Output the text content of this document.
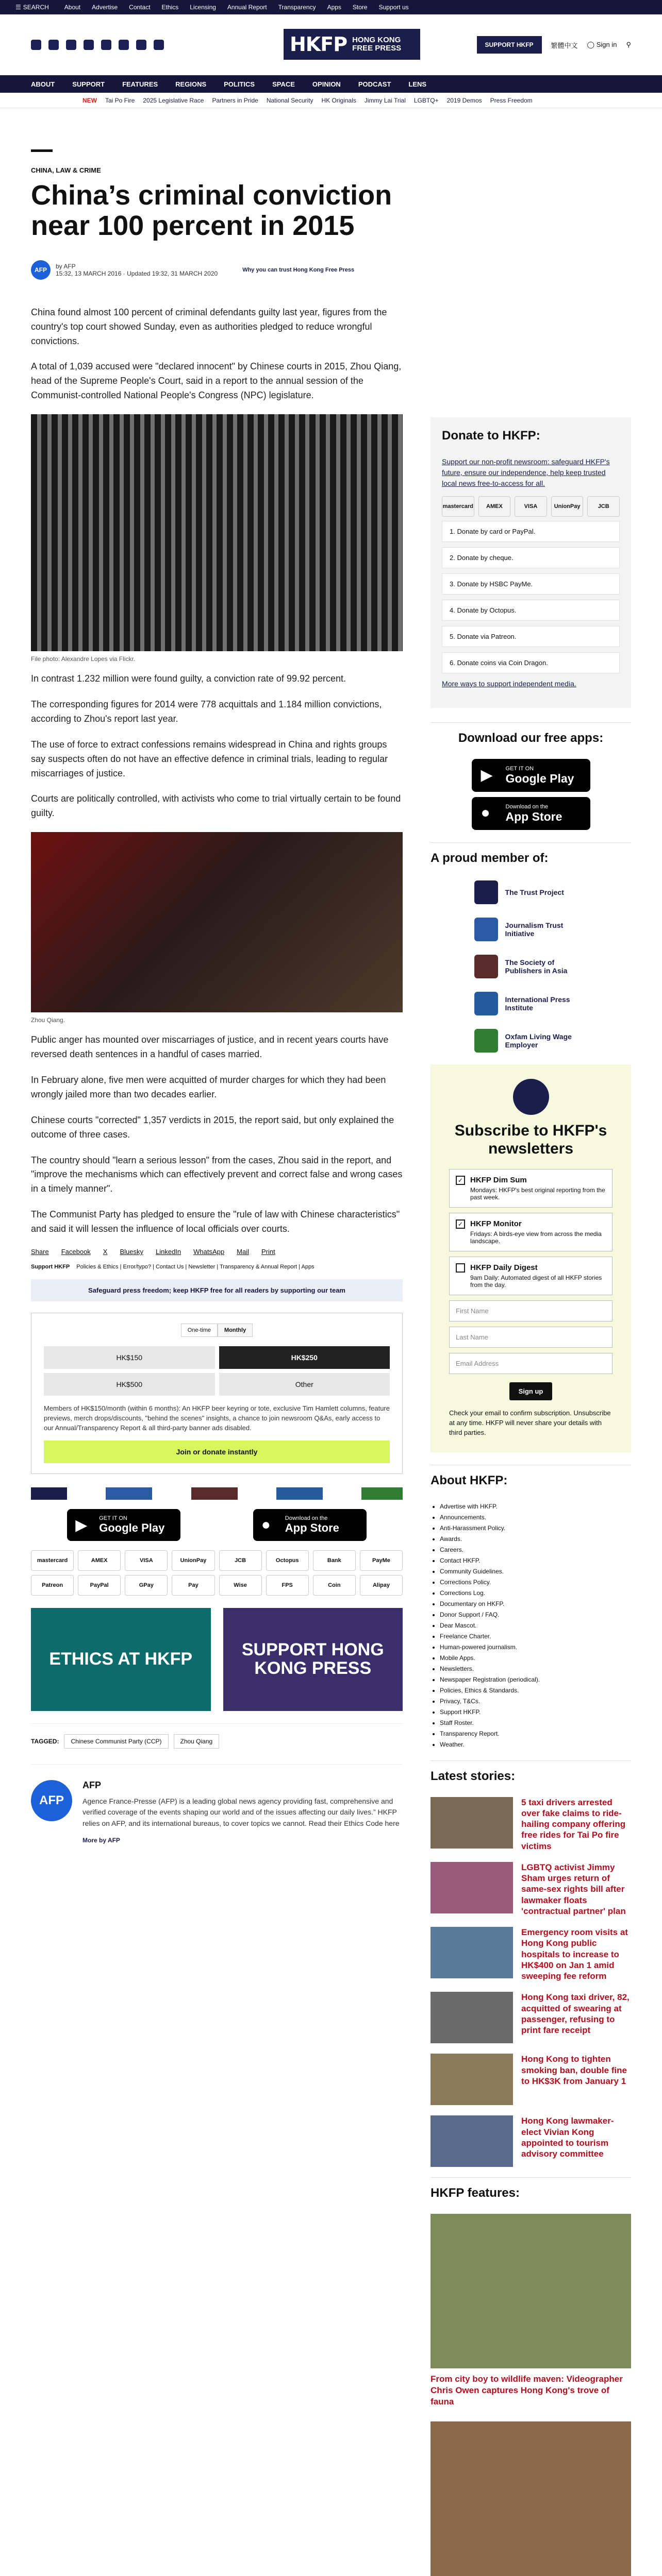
☰ SEARCH	About Advertise Contact Ethics Licensing Annual Report Transparency Apps Store Support us
HKFP HONG KONG FREE PRESS	SUPPORT HKFP	繁體中文 ◯ Sign in ⚲
ABOUT	SUPPORT	FEATURES	REGIONS	POLITICS	SPACE	OPINION	PODCAST	LENS
NEW Tai Po Fire 2025 Legislative Race Partners in Pride National Security HK Originals Jimmy Lai Trial LGBTQ+ 2019 Demos Press Freedom
CHINA, LAW & CRIME
China’s criminal conviction near 100 percent in 2015
AFP	by AFP
15:32, 13 MARCH 2016 · Updated 19:32, 31 MARCH 2020	Why you can trust Hong Kong Free Press

China found almost 100 percent of criminal defendants guilty last year, figures from the country's top court showed Sunday, even as authorities pledged to reduce wrongful convictions.

A total of 1,039 accused were "declared innocent" by Chinese courts in 2015, Zhou Qiang, head of the Supreme People's Court, said in a report to the annual session of the Communist-controlled National People's Congress (NPC) legislature.

File photo: Alexandre Lopes via Flickr.

In contrast 1.232 million were found guilty, a conviction rate of 99.92 percent.

The corresponding figures for 2014 were 778 acquittals and 1.184 million convictions, according to Zhou's report last year.

The use of force to extract confessions remains widespread in China and rights groups say suspects often do not have an effective defence in criminal trials, leading to regular miscarriages of justice.

Courts are politically controlled, with activists who come to trial virtually certain to be found guilty.

Zhou Qiang.

Public anger has mounted over miscarriages of justice, and in recent years courts have reversed death sentences in a handful of cases married.

In February alone, five men were acquitted of murder charges for which they had been wrongly jailed more than two decades earlier.

Chinese courts "corrected" 1,357 verdicts in 2015, the report said, but only explained the outcome of three cases.

The country should "learn a serious lesson" from the cases, Zhou said in the report, and "improve the mechanisms which can effectively prevent and correct false and wrong cases in a timely manner".

The Communist Party has pledged to ensure the "rule of law with Chinese characteristics" and said it will lessen the influence of local officials over courts.

Share Facebook X Bluesky LinkedIn WhatsApp Mail Print
Support HKFP Policies & Ethics | Error/typo? | Contact Us | Newsletter | Transparency & Annual Report | Apps
Safeguard press freedom; keep HKFP free for all readers by supporting our team
One-time	Monthly
HK$150	HK$250
HK$500	Other
Members of HK$150/month (within 6 months): An HKFP beer keyring or tote, exclusive Tim Hamlett columns, feature previews, merch drops/discounts, "behind the scenes" insights, a chance to join newsroom Q&As, early access to our Annual/Transparency Report & all third-party banner ads disabled.
Join or donate instantly
▶ GET IT ON
Google Play	●	Download on the
App Store
mastercard	AMEX	VISA	UnionPay	JCB	Octopus	Bank	PayMe
Patreon	PayPal	GPay	Pay	Wise	FPS	Coin	Alipay
ETHICS AT HKFP	SUPPORT HONG KONG PRESS
TAGGED:	Chinese Communist Party (CCP)	Zhou Qiang
AFP
AFP

Agence France-Presse (AFP) is a leading global news agency providing fast, comprehensive and verified coverage of the events shaping our world and of the issues affecting our daily lives.” HKFP relies on AFP, and its international bureaus, to cover topics we cannot. Read their Ethics Code here

More by AFP
Donate to HKFP:
Support our non-profit newsroom: safeguard HKFP's future, ensure our independence, help keep trusted local news free-to-access for all.
mastercard	AMEX	VISA	UnionPay	JCB
1. Donate by card or PayPal.
2. Donate by cheque.
3. Donate by HSBC PayMe.
4. Donate by Octopus.
5. Donate via Patreon.
6. Donate coins via Coin Dragon.
More ways to support independent media.
Download our free apps:
▶ GET IT ON
Google Play
●	Download on the
App Store
A proud member of:
The Trust Project
Journalism Trust Initiative
The Society of Publishers in Asia
International Press Institute
Oxfam Living Wage Employer
Subscribe to HKFP's newsletters
✓ HKFP Dim Sum
Mondays: HKFP's best original reporting from the past week.
✓ HKFP Monitor
Fridays: A birds-eye view from across the media landscape.
HKFP Daily Digest
9am Daily: Automated digest of all HKFP stories from the day.
First Name
Last Name
Email Address
Sign up
Check your email to confirm subscription. Unsubscribe at any time. HKFP will never share your details with third parties.
About HKFP:
• Advertise with HKFP.
• Announcements.
• Anti-Harassment Policy.
• Awards.
• Careers.
• Contact HKFP.
• Community Guidelines.
• Corrections Policy.
• Corrections Log.
• Documentary on HKFP.
• Donor Support / FAQ.
• Dear Mascot.
• Freelance Charter.
• Human-powered journalism.
• Mobile Apps.
• Newsletters.
• Newspaper Registration (periodical).
• Policies, Ethics & Standards.
• Privacy, T&Cs.
• Support HKFP.
• Staff Roster.
• Transparency Report.
• Weather.
Latest stories:
5 taxi drivers arrested over fake claims to ride-hailing company offering free rides for Tai Po fire victims
LGBTQ activist Jimmy Sham urges return of same-sex rights bill after lawmaker floats 'contractual partner' plan
Emergency room visits at Hong Kong public hospitals to increase to HK$400 on Jan 1 amid sweeping fee reform
Hong Kong taxi driver, 82, acquitted of swearing at passenger, refusing to print fare receipt
Hong Kong to tighten smoking ban, double fine to HK$3K from January 1
Hong Kong lawmaker-elect Vivian Kong appointed to tourism advisory committee
HKFP features:
From city boy to wildlife maven: Videographer Chris Owen captures Hong Kong's trove of fauna
